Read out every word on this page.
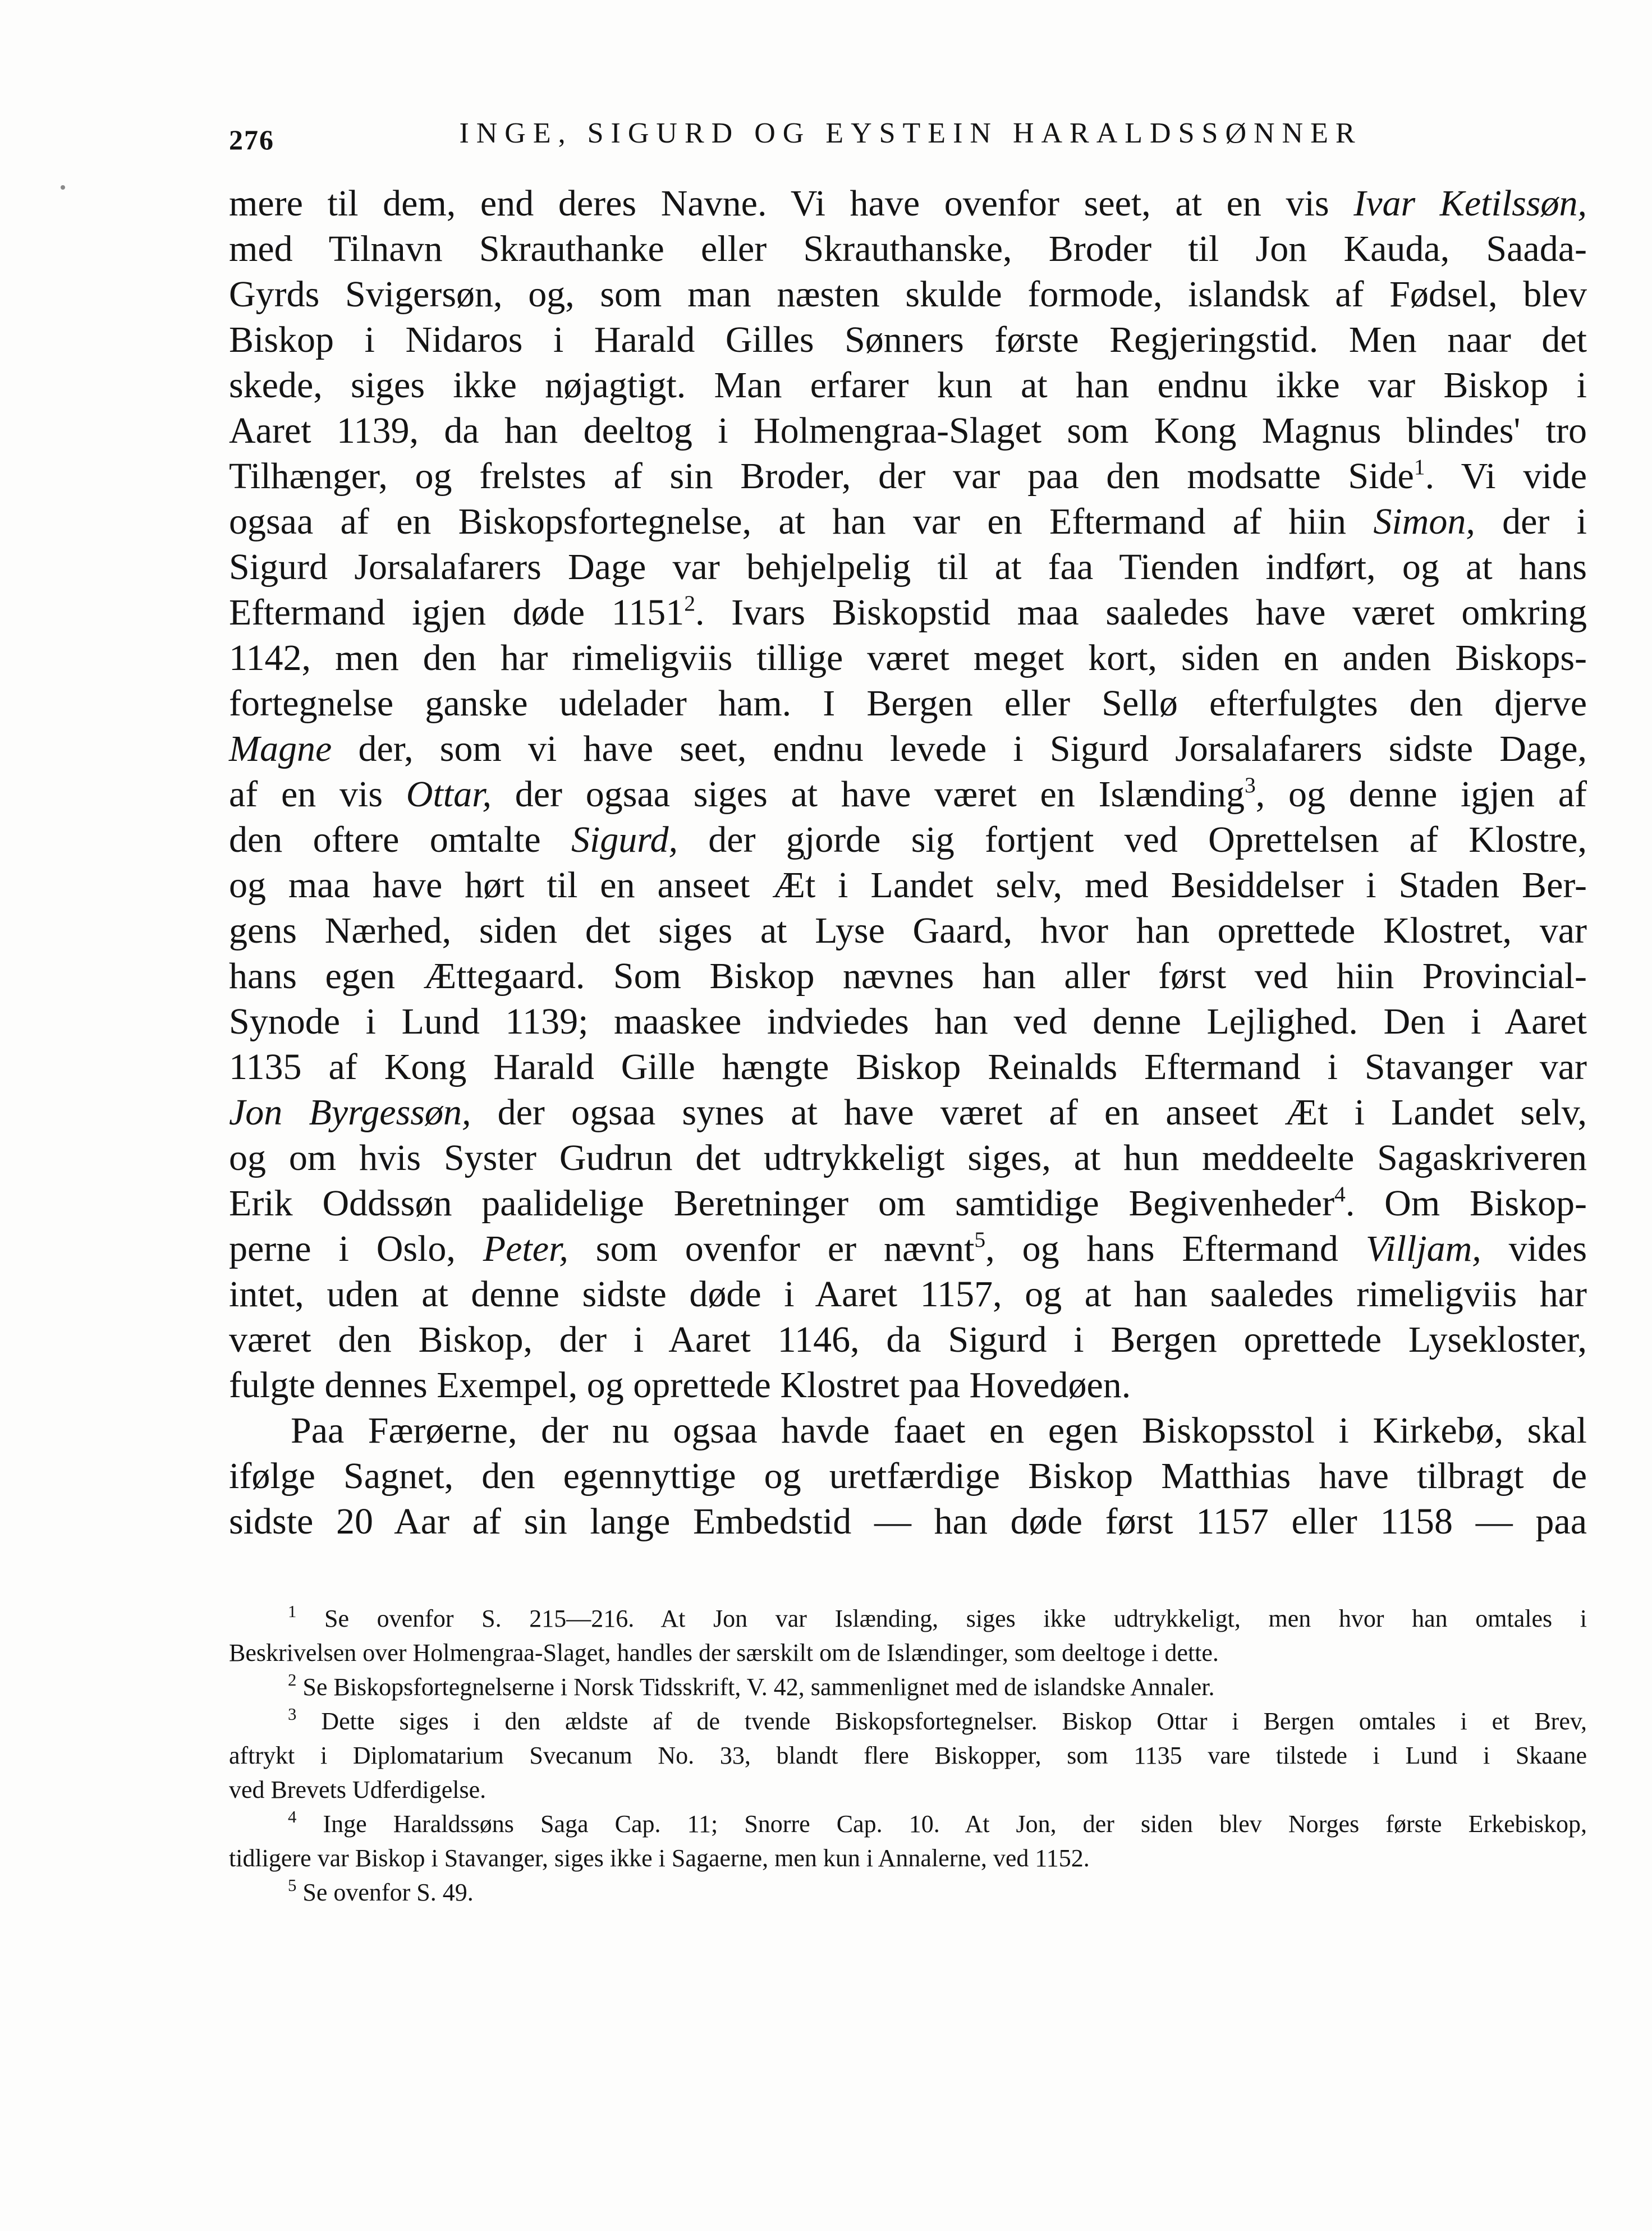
276	INGE, SIGURD OG EYSTEIN HARALDSSØNNER
mere til dem, end deres Navne. Vi have ovenfor seet, at en vis Ivar Ketilssøn,
med Tilnavn Skrauthanke eller Skrauthanske, Broder til Jon Kauda, Saada-
Gyrds Svigersøn, og, som man næsten skulde formode, islandsk af Fødsel, blev
Biskop i Nidaros i Harald Gilles Sønners første Regjeringstid. Men naar det
skede, siges ikke nøjagtigt. Man erfarer kun at han endnu ikke var Biskop i
Aaret 1139, da han deeltog i Holmengraa-Slaget som Kong Magnus blindes' tro
Tilhænger, og frelstes af sin Broder, der var paa den modsatte Side$^1$. Vi vide
ogsaa af en Biskopsfortegnelse, at han var en Eftermand af hiin Simon, der i
Sigurd Jorsalafarers Dage var behjelpelig til at faa Tienden indført, og at hans
Eftermand igjen døde 1151$^2$. Ivars Biskopstid maa saaledes have været omkring
1142, men den har rimeligviis tillige været meget kort, siden en anden Biskops-
fortegnelse ganske udelader ham. I Bergen eller Sellø efterfulgtes den djerve
Magne der, som vi have seet, endnu levede i Sigurd Jorsalafarers sidste Dage,
af en vis Ottar, der ogsaa siges at have været en Islænding$^3$, og denne igjen af
den oftere omtalte Sigurd, der gjorde sig fortjent ved Oprettelsen af Klostre,
og maa have hørt til en anseet Æt i Landet selv, med Besiddelser i Staden Ber-
gens Nærhed, siden det siges at Lyse Gaard, hvor han oprettede Klostret, var
hans egen Ættegaard. Som Biskop nævnes han aller først ved hiin Provincial-
Synode i Lund 1139; maaskee indviedes han ved denne Lejlighed. Den i Aaret
1135 af Kong Harald Gille hængte Biskop Reinalds Eftermand i Stavanger var
Jon Byrgessøn, der ogsaa synes at have været af en anseet Æt i Landet selv,
og om hvis Syster Gudrun det udtrykkeligt siges, at hun meddeelte Sagaskriveren
Erik Oddssøn paalidelige Beretninger om samtidige Begivenheder$^4$. Om Biskop-
perne i Oslo, Peter, som ovenfor er nævnt$^5$, og hans Eftermand Villjam, vides
intet, uden at denne sidste døde i Aaret 1157, og at han saaledes rimeligviis har
været den Biskop, der i Aaret 1146, da Sigurd i Bergen oprettede Lysekloster,
fulgte dennes Exempel, og oprettede Klostret paa Hovedøen.
Paa Færøerne, der nu ogsaa havde faaet en egen Biskopsstol i Kirkebø, skal
ifølge Sagnet, den egennyttige og uretfærdige Biskop Matthias have tilbragt de
sidste 20 Aar af sin lange Embedstid — han døde først 1157 eller 1158 — paa
$^1$ Se ovenfor S. 215—216. At Jon var Islænding, siges ikke udtrykkeligt, men hvor han omtales i
Beskrivelsen over Holmengraa-Slaget, handles der særskilt om de Islændinger, som deeltoge i dette.
$^2$ Se Biskopsfortegnelserne i Norsk Tidsskrift, V. 42, sammenlignet med de islandske Annaler.
$^3$ Dette siges i den ældste af de tvende Biskopsfortegnelser. Biskop Ottar i Bergen omtales i et Brev,
aftrykt i Diplomatarium Svecanum No. 33, blandt flere Biskopper, som 1135 vare tilstede i Lund i Skaane
ved Brevets Udferdigelse.
$^4$ Inge Haraldssøns Saga Cap. 11; Snorre Cap. 10. At Jon, der siden blev Norges første Erkebiskop,
tidligere var Biskop i Stavanger, siges ikke i Sagaerne, men kun i Annalerne, ved 1152.
$^5$ Se ovenfor S. 49.
